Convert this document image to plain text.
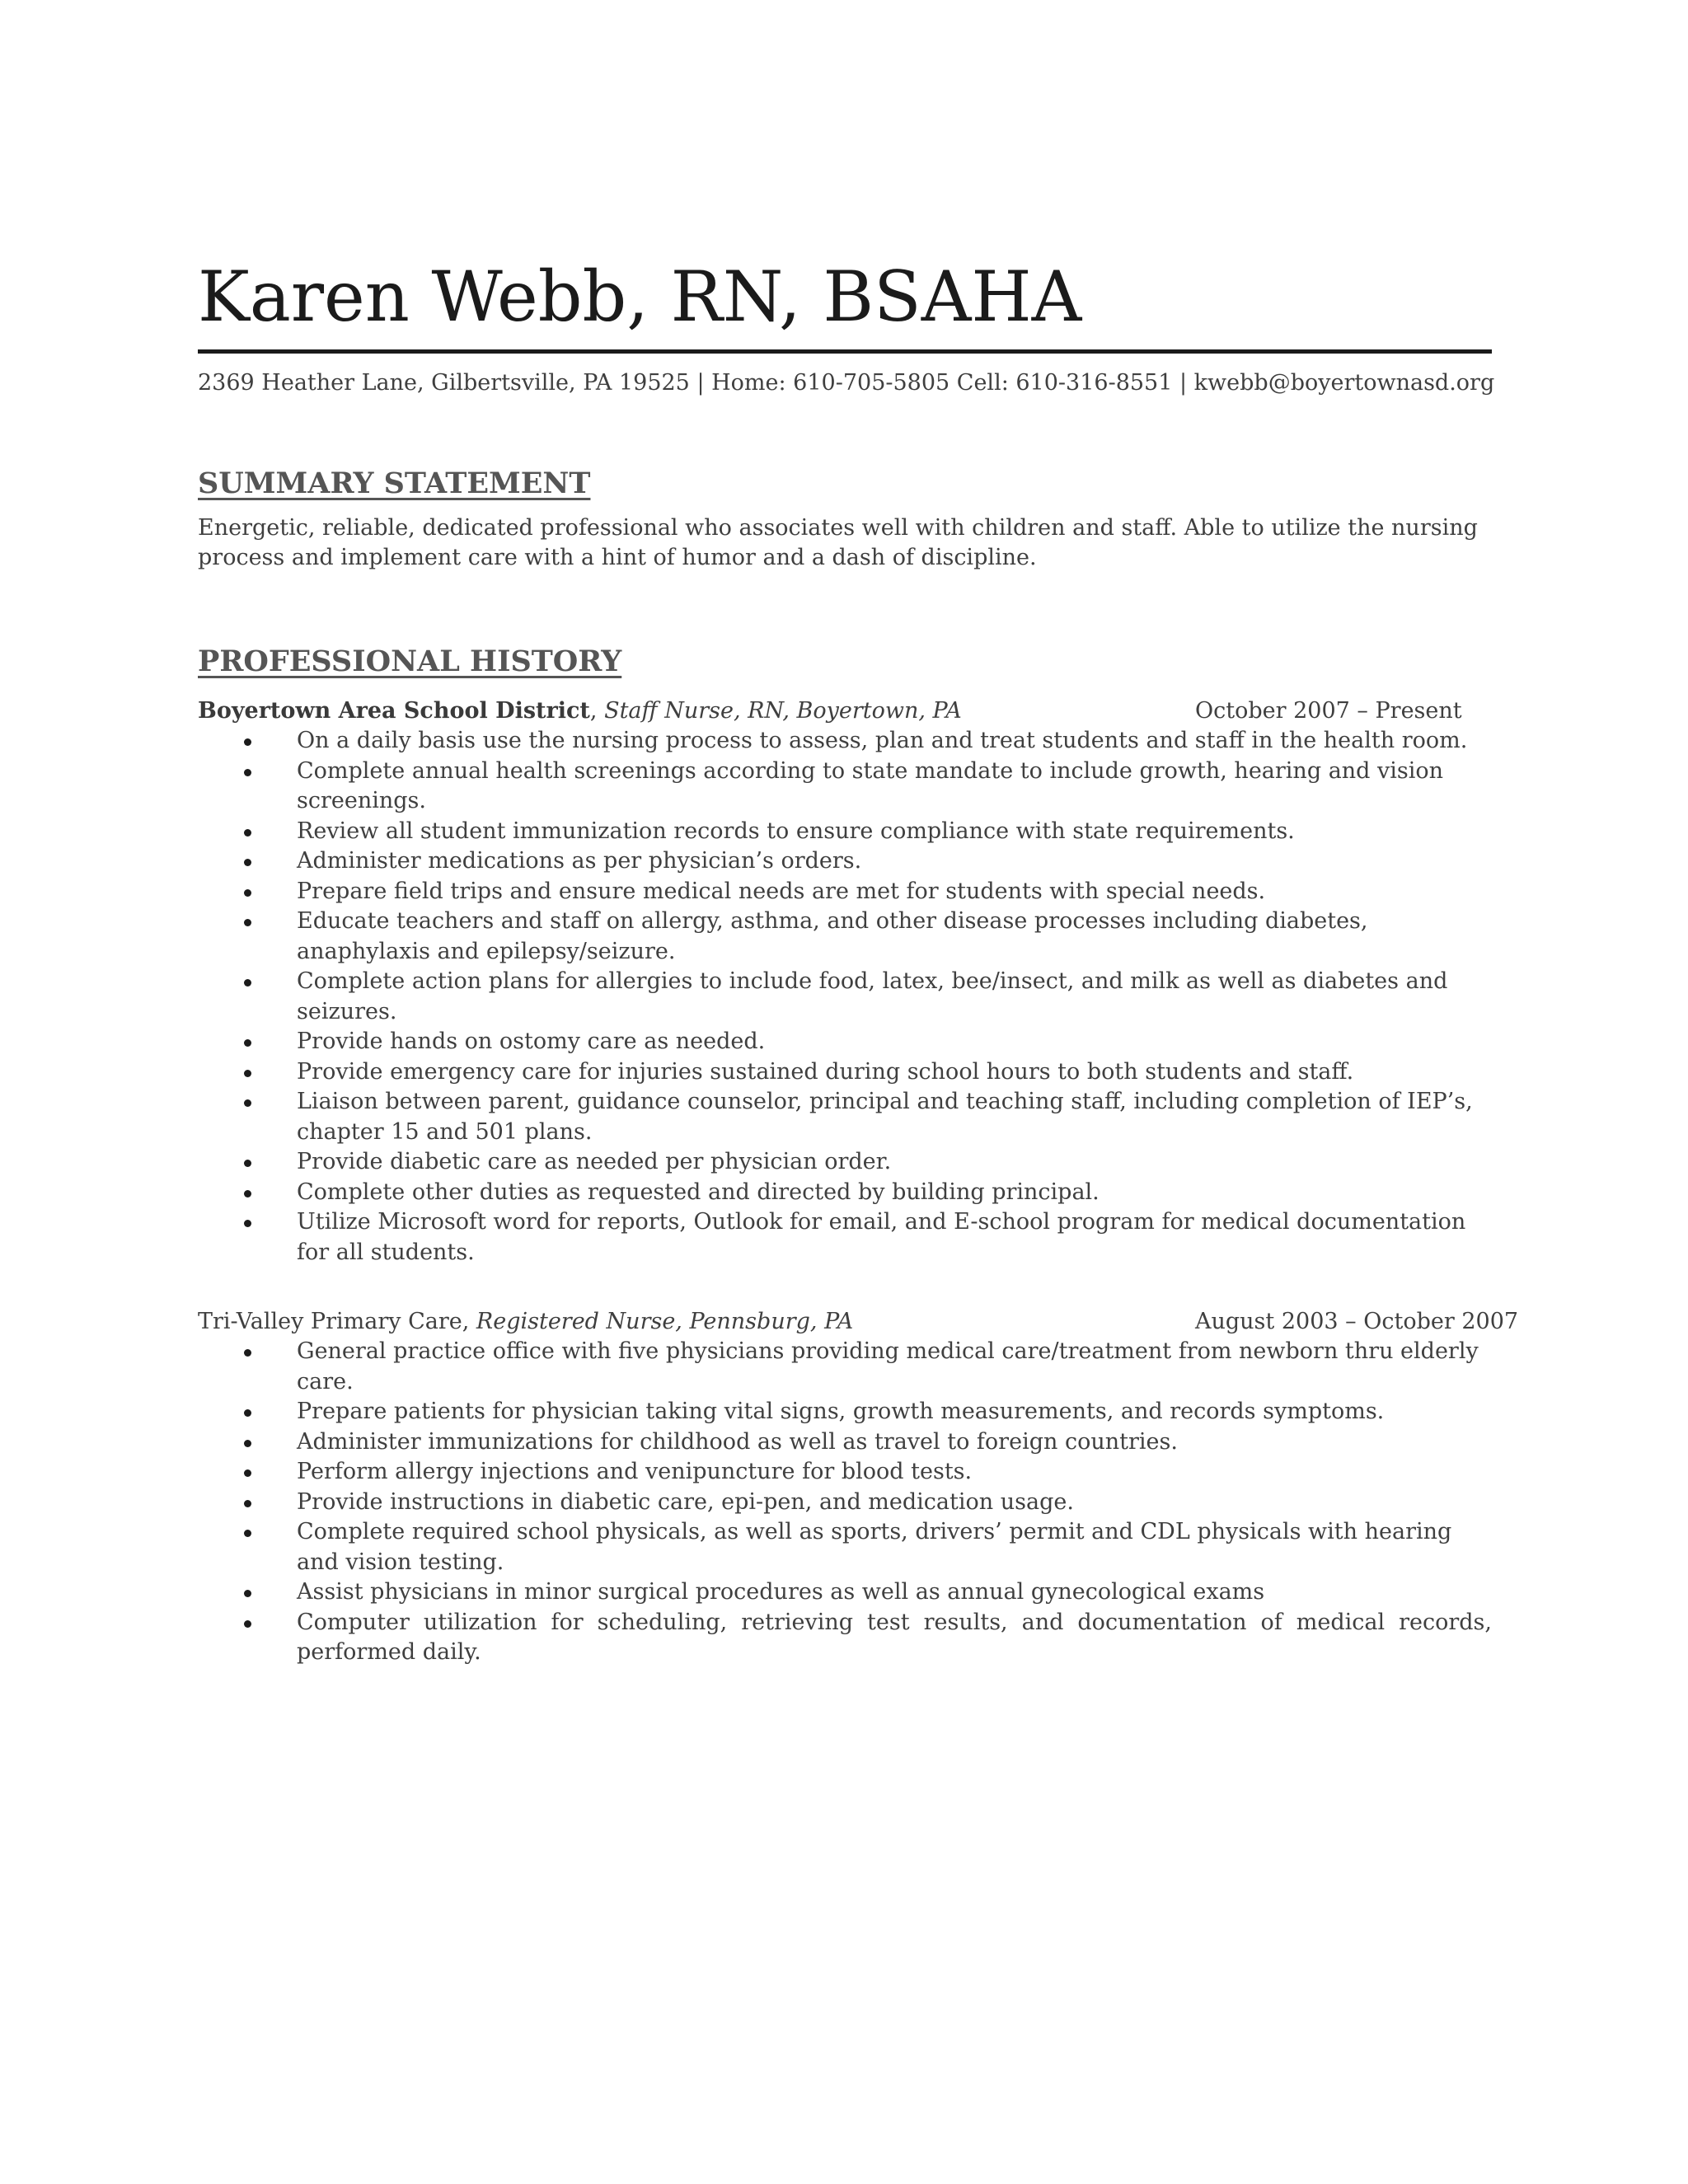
Karen Webb, RN, BSAHA
2369 Heather Lane, Gilbertsville, PA 19525 | Home: 610-705-5805 Cell: 610-316-8551 | kwebb@boyertownasd.org
SUMMARY STATEMENT
Energetic, reliable, dedicated professional who associates well with children and staff. Able to utilize the nursing process and implement care with a hint of humor and a dash of discipline.
PROFESSIONAL HISTORY
Boyertown Area School District, Staff Nurse, RN, Boyertown, PA	October 2007 – Present
On a daily basis use the nursing process to assess, plan and treat students and staff in the health room.
Complete annual health screenings according to state mandate to include growth, hearing and vision screenings.
Review all student immunization records to ensure compliance with state requirements.
Administer medications as per physician’s orders.
Prepare field trips and ensure medical needs are met for students with special needs.
Educate teachers and staff on allergy, asthma, and other disease processes including diabetes, anaphylaxis and epilepsy/seizure.
Complete action plans for allergies to include food, latex, bee/insect, and milk as well as diabetes and seizures.
Provide hands on ostomy care as needed.
Provide emergency care for injuries sustained during school hours to both students and staff.
Liaison between parent, guidance counselor, principal and teaching staff, including completion of IEP’s, chapter 15 and 501 plans.
Provide diabetic care as needed per physician order.
Complete other duties as requested and directed by building principal.
Utilize Microsoft word for reports, Outlook for email, and E-school program for medical documentation for all students.
Tri-Valley Primary Care, Registered Nurse, Pennsburg, PA	August 2003 – October 2007
General practice office with five physicians providing medical care/treatment from newborn thru elderly care.
Prepare patients for physician taking vital signs, growth measurements, and records symptoms.
Administer immunizations for childhood as well as travel to foreign countries.
Perform allergy injections and venipuncture for blood tests.
Provide instructions in diabetic care, epi-pen, and medication usage.
Complete required school physicals, as well as sports, drivers’ permit and CDL physicals with hearing and vision testing.
Assist physicians in minor surgical procedures as well as annual gynecological exams
Computer utilization for scheduling, retrieving test results, and documentation of medical records, performed daily.
